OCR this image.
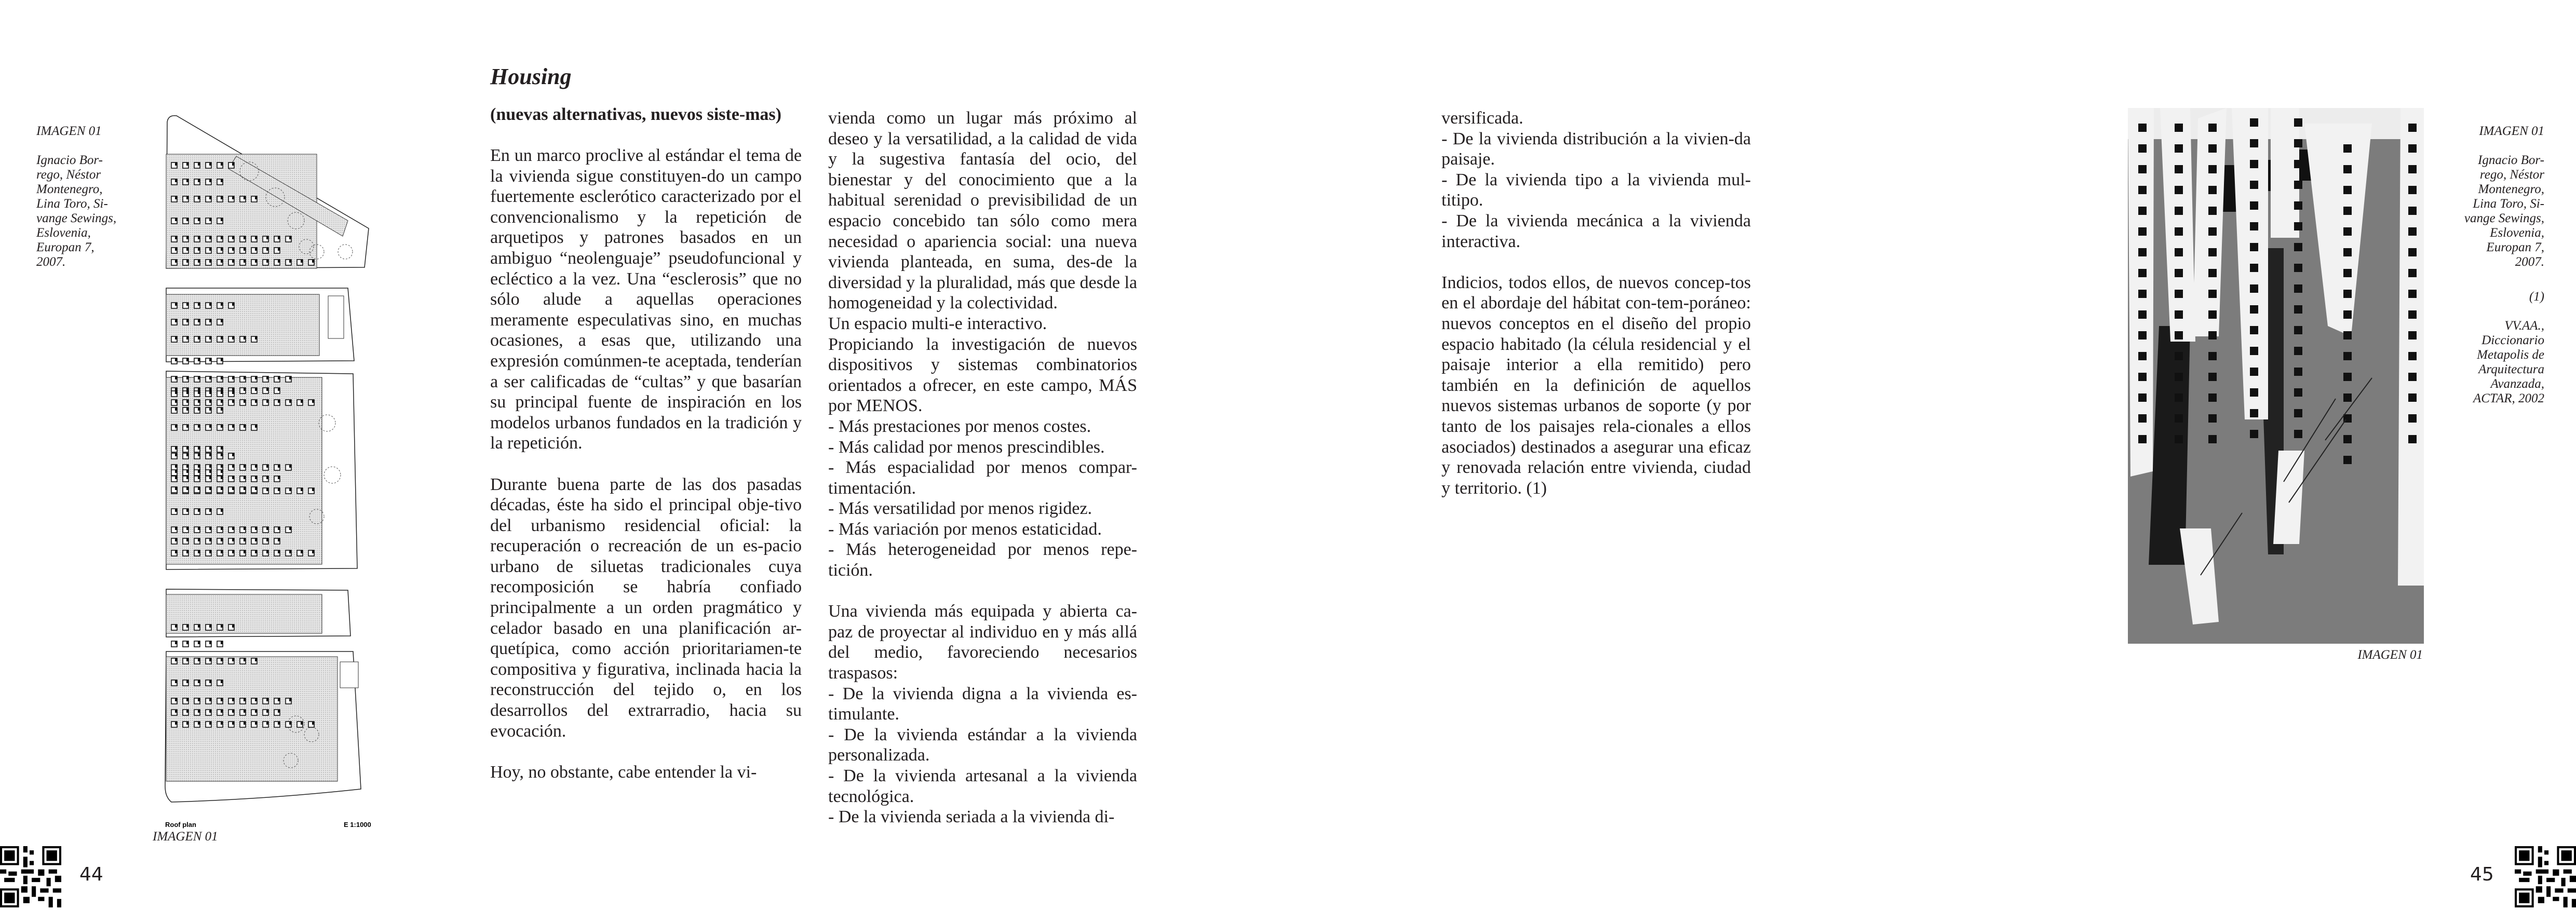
IMAGEN 01

Ignacio Bor-
rego, Néstor
Montenegro,
Lina Toro, Si-
vange Sewings,
Eslovenia,
Europan 7,
2007.

Roof plan	E 1:1000
IMAGEN 01
44
Housing
(nuevas alternativas, nuevos siste-mas)

En un marco proclive al estándar el tema de la vivienda sigue constituyen-do un campo fuertemente esclerótico caracterizado por el convencionalismo y la repetición de arquetipos y patrones basados en un ambiguo “neolenguaje” pseudofuncional y ecléctico a la vez. Una “esclerosis” que no sólo alude a aquellas operaciones meramente especulativas sino, en muchas ocasiones, a esas que, utilizando una expresión comúnmen-te aceptada, tenderían a ser calificadas de “cultas” y que basarían su principal fuente de inspiración en los modelos urbanos fundados en la tradición y la repetición.

Durante buena parte de las dos pasadas décadas, éste ha sido el principal obje-tivo del urbanismo residencial oficial: la recuperación o recreación de un es-pacio urbano de siluetas tradicionales cuya recomposición se habría confiado principalmente a un orden pragmático y celador basado en una planificación ar-quetípica, como acción prioritariamen-te compositiva y figurativa, inclinada hacia la reconstrucción del tejido o, en los desarrollos del extrarradio, hacia su evocación.

Hoy, no obstante, cabe entender la vi-

vienda como un lugar más próximo al deseo y la versatilidad, a la calidad de vida y la sugestiva fantasía del ocio, del bienestar y del conocimiento que a la habitual serenidad o previsibilidad de un espacio concebido tan sólo como mera necesidad o apariencia social: una nueva vivienda planteada, en suma, des-de la diversidad y la pluralidad, más que desde la homogeneidad y la colectividad.

Un espacio multi-e interactivo.

Propiciando la investigación de nuevos dispositivos y sistemas combinatorios orientados a ofrecer, en este campo, MÁS por MENOS.

- Más prestaciones por menos costes.

- Más calidad por menos prescindibles.

- Más espacialidad por menos compar-timentación.

- Más versatilidad por menos rigidez.

- Más variación por menos estaticidad.

- Más heterogeneidad por menos repe-tición.

Una vivienda más equipada y abierta ca-paz de proyectar al individuo en y más allá del medio, favoreciendo necesarios traspasos:

- De la vivienda digna a la vivienda es-timulante.

- De la vivienda estándar a la vivienda personalizada.

- De la vivienda artesanal a la vivienda tecnológica.

- De la vivienda seriada a la vivienda di-

versificada.

- De la vivienda distribución a la vivien-da paisaje.

- De la vivienda tipo a la vivienda mul-titipo.

- De la vivienda mecánica a la vivienda interactiva.

Indicios, todos ellos, de nuevos concep-tos en el abordaje del hábitat con-tem-poráneo: nuevos conceptos en el diseño del propio espacio habitado (la célula residencial y el paisaje interior a ella remitido) pero también en la definición de aquellos nuevos sistemas urbanos de soporte (y por tanto de los paisajes rela-cionales a ellos asociados) destinados a asegurar una eficaz y renovada relación entre vivienda, ciudad y territorio. (1)

IMAGEN 01

IMAGEN 01

Ignacio Bor-
rego, Néstor
Montenegro,
Lina Toro, Si-
vange Sewings,
Eslovenia,
Europan 7,
2007.

(1)

VV.AA.,
Diccionario
Metapolis de
Arquitectura
Avanzada,
ACTAR, 2002

45
